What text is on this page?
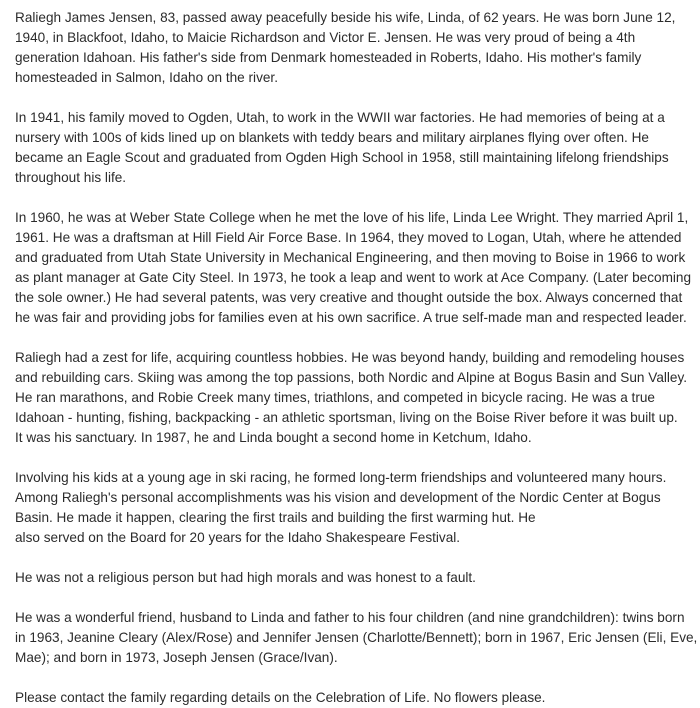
Raliegh James Jensen, 83, passed away peacefully beside his wife, Linda, of 62 years. He was born June 12,
1940, in Blackfoot, Idaho, to Maicie Richardson and Victor E. Jensen. He was very proud of being a 4th
generation Idahoan. His father's side from Denmark homesteaded in Roberts, Idaho. His mother's family
homesteaded in Salmon, Idaho on the river.

In 1941, his family moved to Ogden, Utah, to work in the WWII war factories. He had memories of being at a
nursery with 100s of kids lined up on blankets with teddy bears and military airplanes flying over often. He
became an Eagle Scout and graduated from Ogden High School in 1958, still maintaining lifelong friendships
throughout his life.

In 1960, he was at Weber State College when he met the love of his life, Linda Lee Wright. They married April 1,
1961. He was a draftsman at Hill Field Air Force Base. In 1964, they moved to Logan, Utah, where he attended
and graduated from Utah State University in Mechanical Engineering, and then moving to Boise in 1966 to work
as plant manager at Gate City Steel. In 1973, he took a leap and went to work at Ace Company. (Later becoming
the sole owner.) He had several patents, was very creative and thought outside the box. Always concerned that
he was fair and providing jobs for families even at his own sacrifice. A true self-made man and respected leader.

Raliegh had a zest for life, acquiring countless hobbies. He was beyond handy, building and remodeling houses
and rebuilding cars. Skiing was among the top passions, both Nordic and Alpine at Bogus Basin and Sun Valley.
He ran marathons, and Robie Creek many times, triathlons, and competed in bicycle racing. He was a true
Idahoan - hunting, fishing, backpacking - an athletic sportsman, living on the Boise River before it was built up.
It was his sanctuary. In 1987, he and Linda bought a second home in Ketchum, Idaho.

Involving his kids at a young age in ski racing, he formed long-term friendships and volunteered many hours.
Among Raliegh's personal accomplishments was his vision and development of the Nordic Center at Bogus
Basin. He made it happen, clearing the first trails and building the first warming hut. He
also served on the Board for 20 years for the Idaho Shakespeare Festival.

He was not a religious person but had high morals and was honest to a fault.

He was a wonderful friend, husband to Linda and father to his four children (and nine grandchildren): twins born
in 1963, Jeanine Cleary (Alex/Rose) and Jennifer Jensen (Charlotte/Bennett); born in 1967, Eric Jensen (Eli, Eve,
Mae); and born in 1973, Joseph Jensen (Grace/Ivan).

Please contact the family regarding details on the Celebration of Life. No flowers please.
